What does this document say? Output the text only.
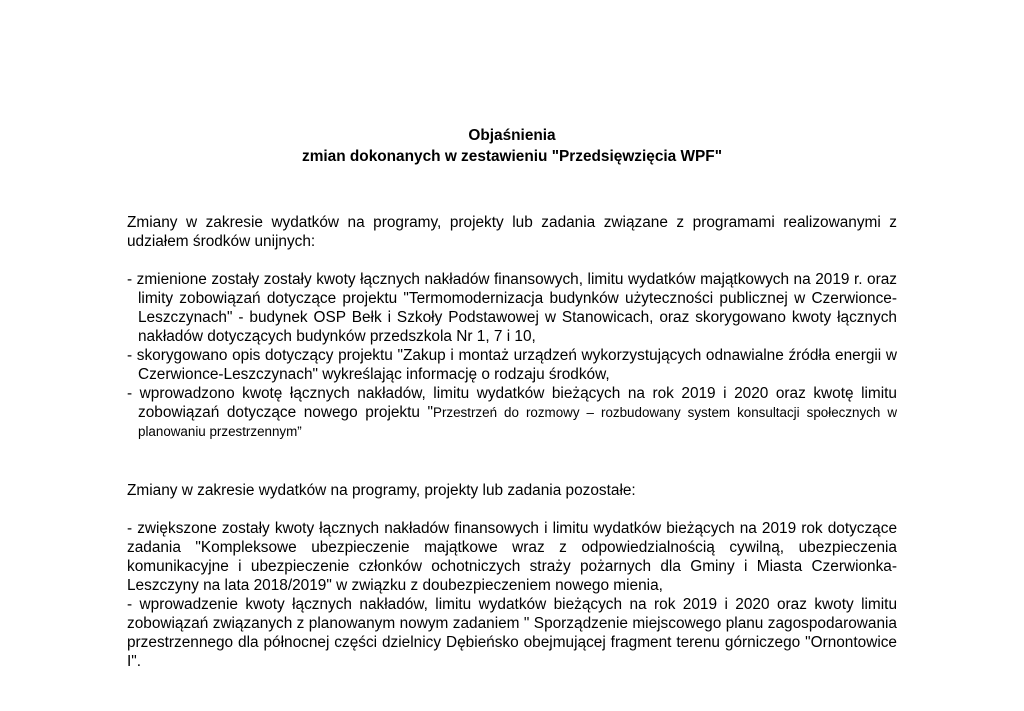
Objaśnienia

zmian dokonanych w zestawieniu "Przedsięwzięcia WPF"

Zmiany w zakresie wydatków na programy, projekty lub zadania związane z programami realizowanymi z udziałem środków unijnych:

- zmienione zostały zostały kwoty łącznych nakładów finansowych, limitu wydatków majątkowych na 2019 r. oraz limity zobowiązań dotyczące projektu "Termomodernizacja budynków użyteczności publicznej w Czerwionce-Leszczynach" - budynek OSP Bełk i Szkoły Podstawowej w Stanowicach, oraz skorygowano kwoty łącznych nakładów dotyczących budynków przedszkola Nr 1, 7 i 10,

- skorygowano opis dotyczący projektu "Zakup i montaż urządzeń wykorzystujących odnawialne źródła energii w Czerwionce-Leszczynach" wykreślając informację o rodzaju środków,

- wprowadzono kwotę łącznych nakładów, limitu wydatków bieżących na rok 2019 i 2020 oraz kwotę limitu zobowiązań dotyczące nowego projektu "Przestrzeń do rozmowy – rozbudowany system konsultacji społecznych w planowaniu przestrzennym”

Zmiany w zakresie wydatków na programy, projekty lub zadania pozostałe:

- zwiększone zostały kwoty łącznych nakładów finansowych i limitu wydatków bieżących na 2019 rok dotyczące zadania "Kompleksowe ubezpieczenie majątkowe wraz z odpowiedzialnością cywilną, ubezpieczenia komunikacyjne i ubezpieczenie członków ochotniczych straży pożarnych dla Gminy i Miasta Czerwionka-Leszczyny na lata 2018/2019" w związku z doubezpieczeniem nowego mienia,

- wprowadzenie kwoty łącznych nakładów, limitu wydatków bieżących na rok 2019 i 2020 oraz kwoty limitu zobowiązań związanych z planowanym nowym zadaniem " Sporządzenie miejscowego planu zagospodarowania przestrzennego dla północnej części dzielnicy Dębieńsko obejmującej fragment terenu górniczego "Ornontowice I".
